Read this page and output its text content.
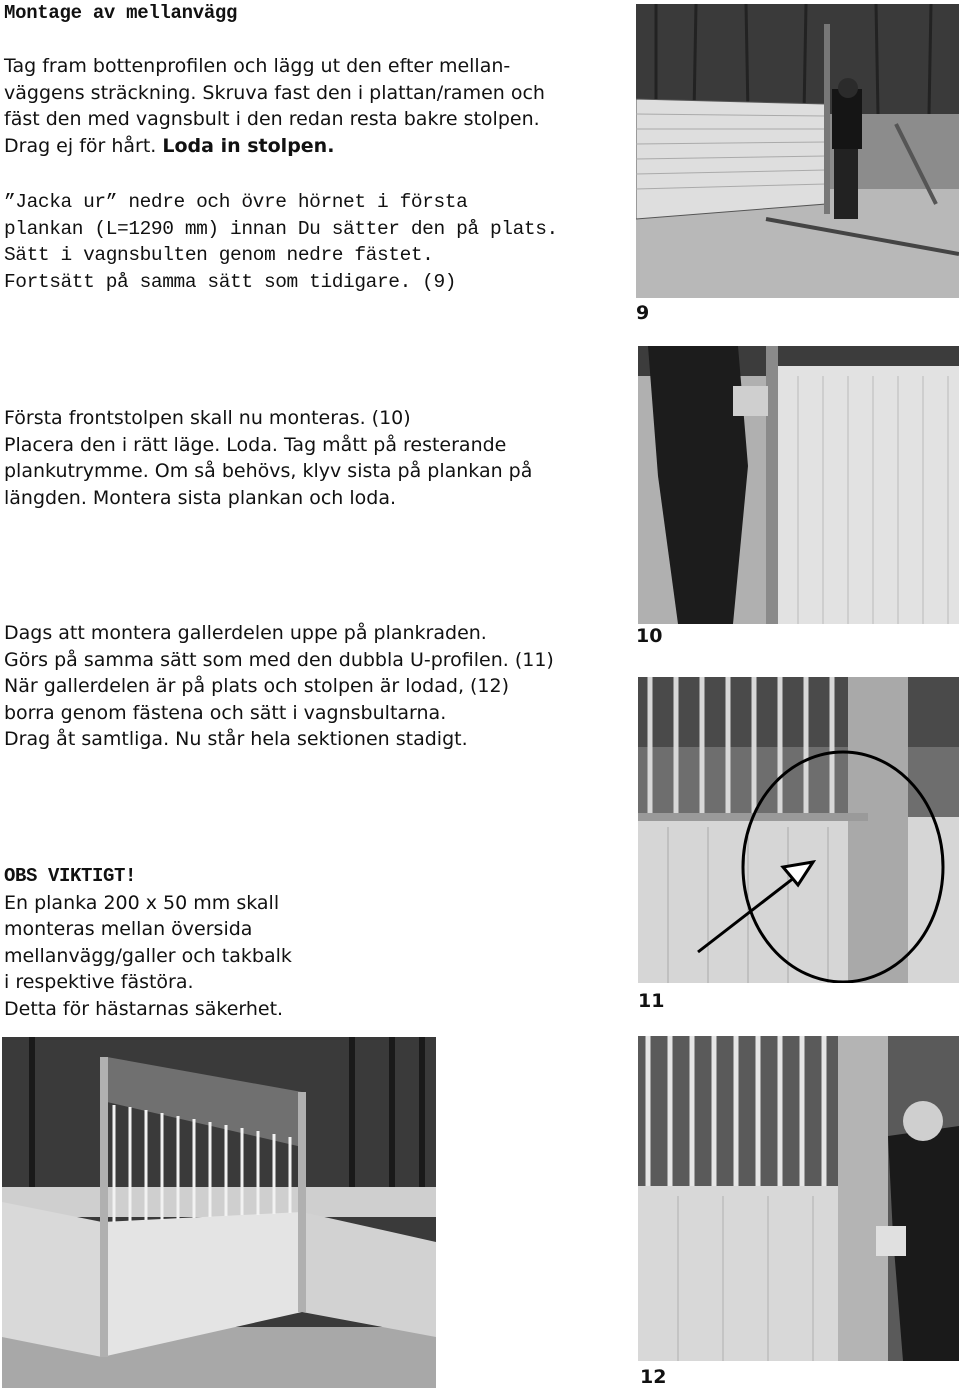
Montage av mellanvägg

Tag fram bottenprofilen och lägg ut den efter mellan-

väggens sträckning. Skruva fast den i plattan/ramen och

fäst den med vagnsbult i den redan resta bakre stolpen.

Drag ej för hårt. Loda in stolpen.

”Jacka ur” nedre och övre hörnet i första

plankan (L=1290 mm) innan Du sätter den på plats.

Sätt i vagnsbulten genom nedre fästet.

Fortsätt på samma sätt som tidigare. (9)

Första frontstolpen skall nu monteras. (10)

Placera den i rätt läge. Loda. Tag mått på resterande

plankutrymme. Om så behövs, klyv sista på plankan på

längden. Montera sista plankan och loda.

Dags att montera gallerdelen uppe på plankraden.

Görs på samma sätt som med den dubbla U-profilen. (11)

När gallerdelen är på plats och stolpen är lodad, (12)

borra genom fästena och sätt i vagnsbultarna.

Drag åt samtliga. Nu står hela sektionen stadigt.

OBS VIKTIGT!

En planka 200 x 50 mm skall

monteras mellan översida

mellanvägg/galler och takbalk

i respektive fästöra.

Detta för hästarnas säkerhet.

9
10
11
12
